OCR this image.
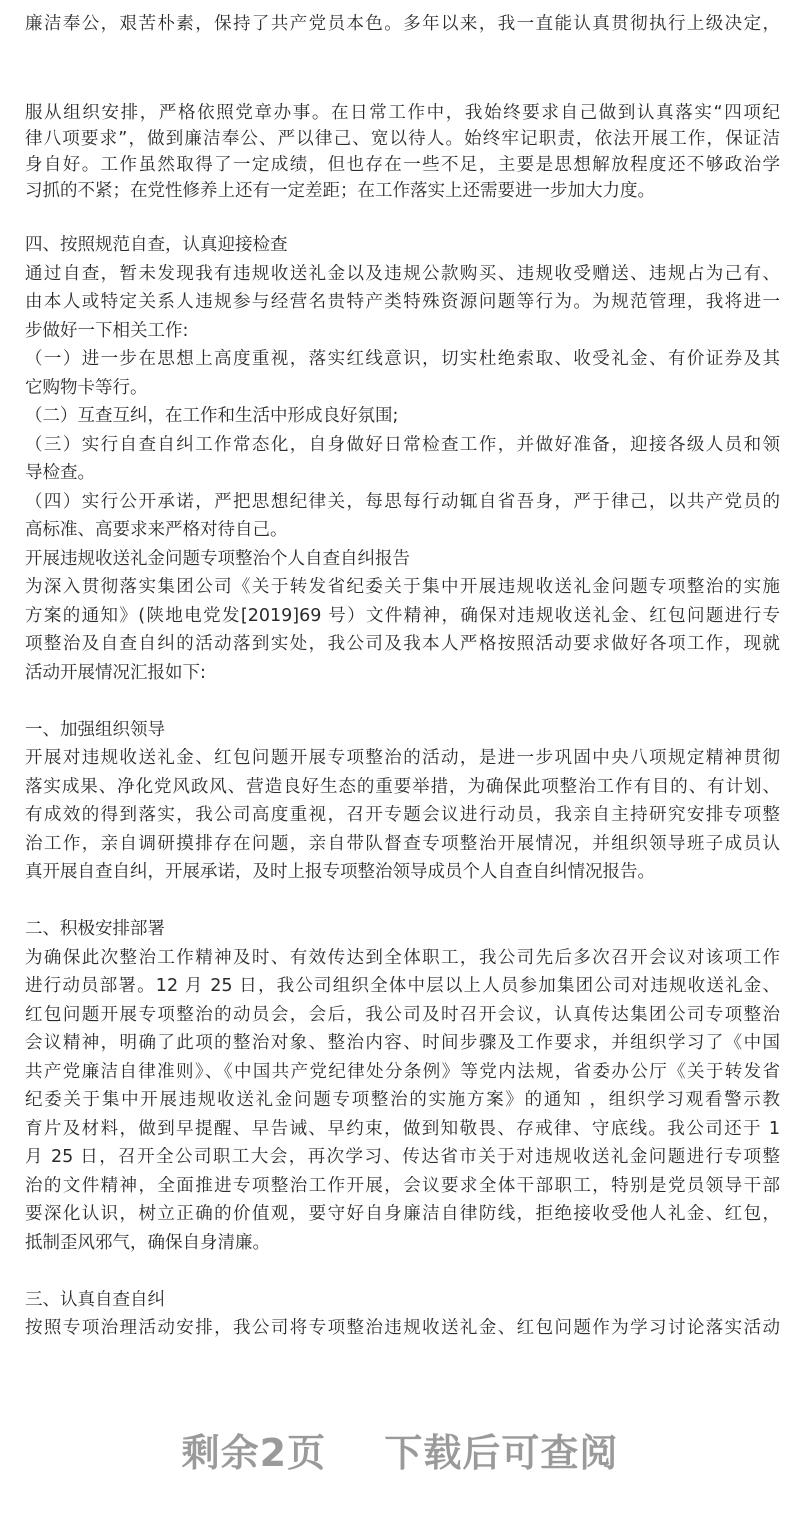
廉洁奉公，艰苦朴素，保持了共产党员本色。多年以来，我一直能认真贯彻执行上级决定，
服从组织安排，严格依照党章办事。在日常工作中，我始终要求自己做到认真落实“四项纪
律八项要求”，做到廉洁奉公、严以律己、宽以待人。始终牢记职责，依法开展工作，保证洁
身自好。工作虽然取得了一定成绩，但也存在一些不足，主要是思想解放程度还不够政治学
习抓的不紧；在党性修养上还有一定差距；在工作落实上还需要进一步加大力度。
四、按照规范自查，认真迎接检查
通过自查，暂未发现我有违规收送礼金以及违规公款购买、违规收受赠送、违规占为己有、
由本人或特定关系人违规参与经营名贵特产类特殊资源问题等行为。为规范管理，我将进一
步做好一下相关工作:
（一）进一步在思想上高度重视，落实红线意识，切实杜绝索取、收受礼金、有价证券及其
它购物卡等行。
（二）互查互纠，在工作和生活中形成良好氛围;
（三）实行自查自纠工作常态化，自身做好日常检查工作，并做好准备，迎接各级人员和领
导检查。
（四）实行公开承诺，严把思想纪律关，每思每行动辄自省吾身，严于律己，以共产党员的
高标准、高要求来严格对待自己。
开展违规收送礼金问题专项整治个人自查自纠报告
为深入贯彻落实集团公司《关于转发省纪委关于集中开展违规收送礼金问题专项整治的实施
方案的通知》(陕地电党发[2019]69 号）文件精神，确保对违规收送礼金、红包问题进行专
项整治及自查自纠的活动落到实处，我公司及我本人严格按照活动要求做好各项工作，现就
活动开展情况汇报如下:
一、加强组织领导
开展对违规收送礼金、红包问题开展专项整治的活动，是进一步巩固中央八项规定精神贯彻
落实成果、净化党风政风、营造良好生态的重要举措，为确保此项整治工作有目的、有计划、
有成效的得到落实，我公司高度重视，召开专题会议进行动员，我亲自主持研究安排专项整
治工作，亲自调研摸排存在问题，亲自带队督查专项整治开展情况，并组织领导班子成员认
真开展自查自纠，开展承诺，及时上报专项整治领导成员个人自查自纠情况报告。
二、积极安排部署
为确保此次整治工作精神及时、有效传达到全体职工，我公司先后多次召开会议对该项工作
进行动员部署。12 月 25 日，我公司组织全体中层以上人员参加集团公司对违规收送礼金、
红包问题开展专项整治的动员会，会后，我公司及时召开会议，认真传达集团公司专项整治
会议精神，明确了此项的整治对象、整治内容、时间步骤及工作要求，并组织学习了《中国
共产党廉洁自律准则》、《中国共产党纪律处分条例》等党内法规，省委办公厅《关于转发省
纪委关于集中开展违规收送礼金问题专项整治的实施方案》的通知 ，组织学习观看警示教
育片及材料，做到早提醒、早告诫、早约束，做到知敬畏、存戒律、守底线。我公司还于 1
月 25 日，召开全公司职工大会，再次学习、传达省市关于对违规收送礼金问题进行专项整
治的文件精神，全面推进专项整治工作开展，会议要求全体干部职工，特别是党员领导干部
要深化认识，树立正确的价值观，要守好自身廉洁自律防线，拒绝接收受他人礼金、红包，
抵制歪风邪气，确保自身清廉。
三、认真自查自纠
按照专项治理活动安排，我公司将专项整治违规收送礼金、红包问题作为学习讨论落实活动
剩余2页 下载后可查阅
